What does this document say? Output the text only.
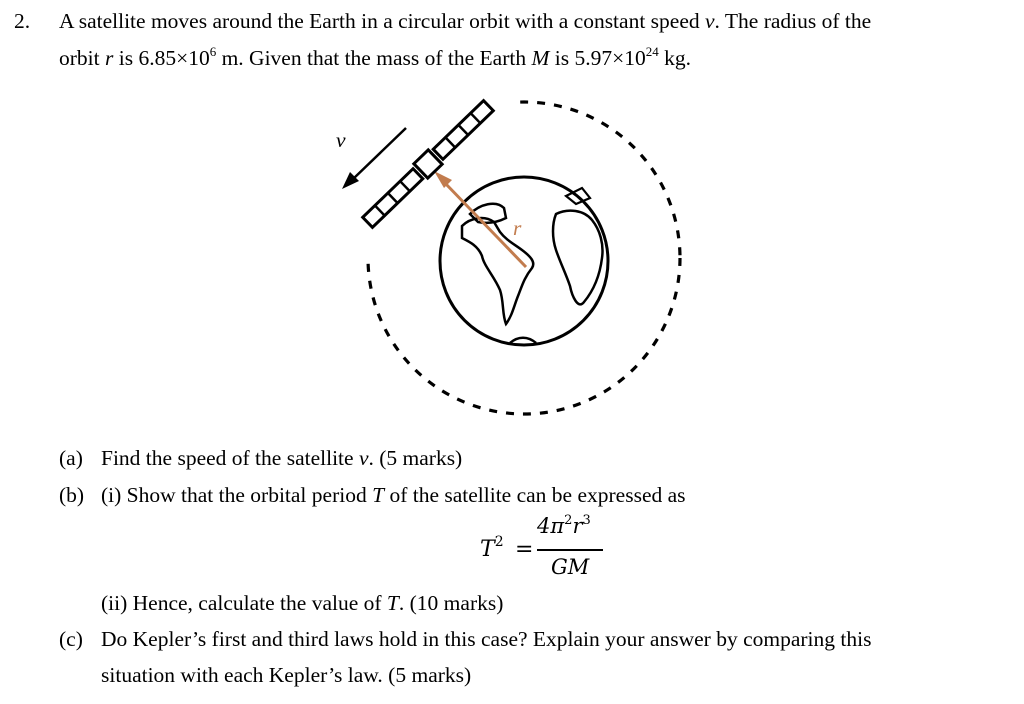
2. A satellite moves around the Earth in a circular orbit with a constant speed v. The radius of the
orbit r is $6.85\times 10^6$ m. Given that the mass of the Earth M is $5.97\times 10^{24}$ kg.
v
r
(a) Find the speed of the satellite v. (5 marks)
(b) (i) Show that the orbital period T of the satellite can be expressed as
$T^2$ =
$4\pi^2r^3$
GM
(ii) Hence, calculate the value of T. (10 marks)
(c) Do Kepler’s first and third laws hold in this case? Explain your answer by comparing this
situation with each Kepler’s law. (5 marks)
